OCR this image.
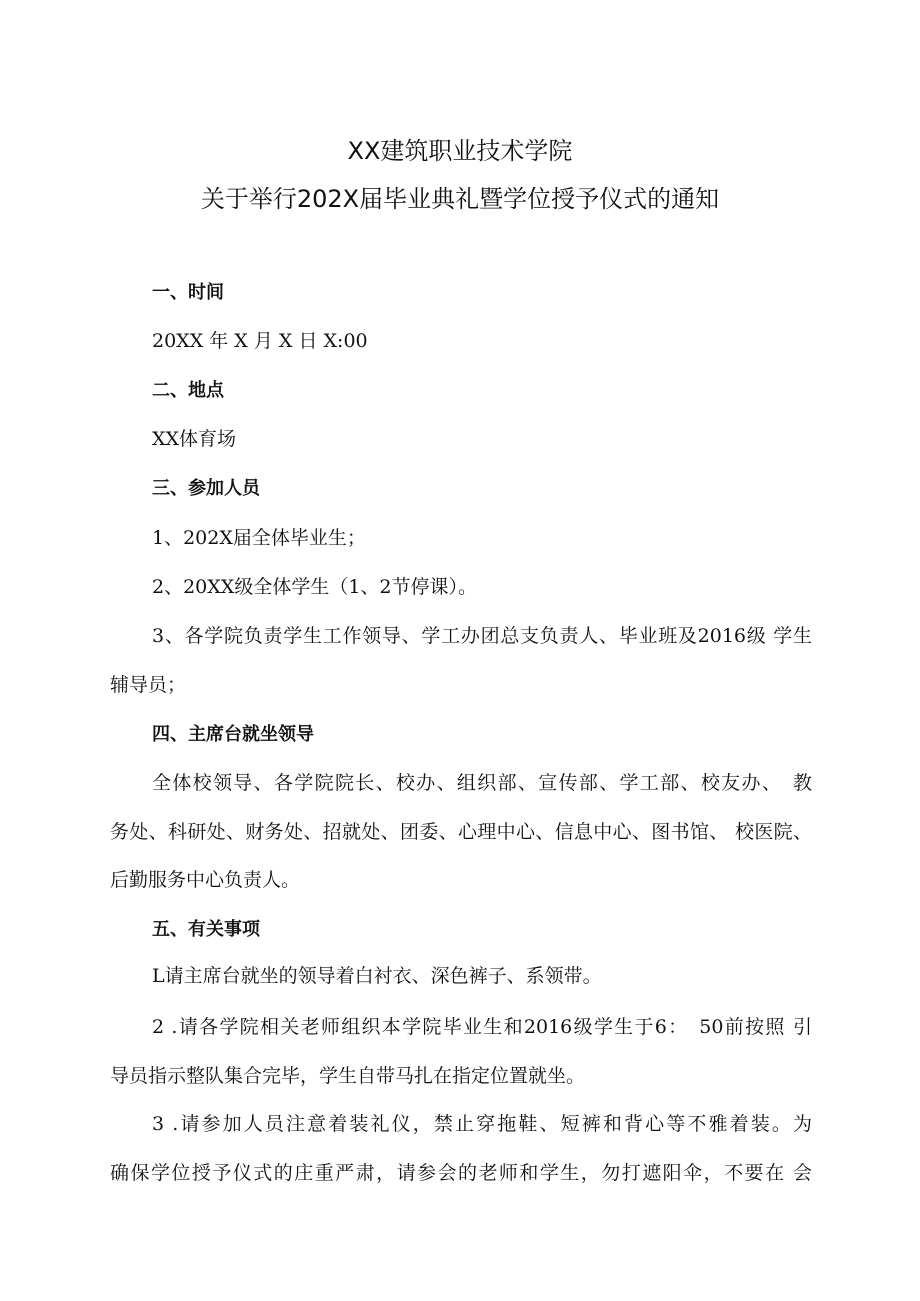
XX建筑职业技术学院
关于举行202X届毕业典礼暨学位授予仪式的通知
一、时间
20XX 年 X 月 X 日 X:00
二、地点
XX体育场
三、参加人员
1、202X届全体毕业生；
2、20XX级全体学生（1、2节停课）。
3、各学院负责学生工作领导、学工办团总支负责人、毕业班及2016级 学生
辅导员；
四、主席台就坐领导
全体校领导、各学院院长、校办、组织部、宣传部、学工部、校友办、　教
务处、科研处、财务处、招就处、团委、心理中心、信息中心、图书馆、 校医院、
后勤服务中心负责人。
五、有关事项
L请主席台就坐的领导着白衬衣、深色裤子、系领带。
2 .请各学院相关老师组织本学院毕业生和2016级学生于6：　50前按照 引
导员指示整队集合完毕，学生自带马扎在指定位置就坐。
3 .请参加人员注意着装礼仪，禁止穿拖鞋、短裤和背心等不雅着装。为
确保学位授予仪式的庄重严肃，请参会的老师和学生，勿打遮阳伞，不要在 会
